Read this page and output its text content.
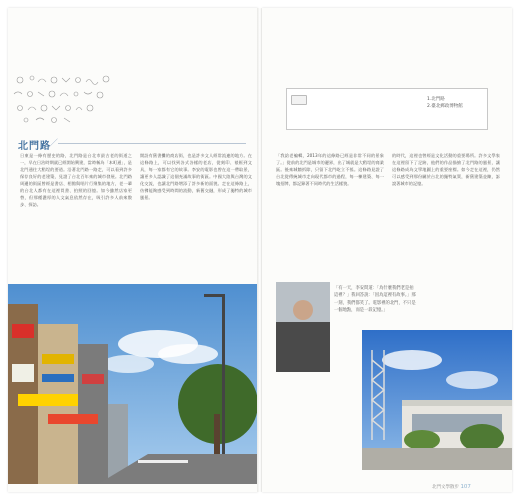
北門路
／

日東是一條有歷史的路，北門路是台北市最古老的街道之一，早在日治時期就已經開始興建，當時稱為「本町通」，是北門通往大稻埕的要道。沿著北門路一路走，可以看到許多保存良好的老建築，見證了台北百年來的城市發展。北門路周邊的街區曾經是書店、相館與唱片行聚集的地方，老一輩的台北人都有在這裡買書、拍照的回憶。如今雖然店家更替，但那種濃厚的人文氣息依然存在，吸引許多人前來散步、探訪。

開設有舊書攤的商店街，也是許多文人經常流連的地方。在這條路上，可以找到各式各樣的老店，從刻印、裱框到文具，每一家都有它的故事。李安的電影也曾在這一帶取景，讓更多人認識了這個充滿故事的街區。中國大陸與台灣的文化交流，也讓北門路增添了許多新的面貌。走在這條路上，彷彿能夠感受到時間的流動，新舊交融，形成了獨特的城市風景。

1.北門路
2.臺北郵政博物館

「我給老編輯，2013年的這條路已經是非常不同的景象了。」從前的北門是城市的邊界，出了城就是大稻埕的商業區。後來城牆拆除，只留下北門屹立不搖。這條路見證了台北從傳統城市走向現代都市的過程，每一棟建築、每一塊招牌，都記錄著不同時代的生活樣貌。

的時代，這裡也曾經是文化活動的重要場所。許多文學家在這裡留下了足跡，他們的作品描繪了北門路的風景，讓這條路成為文學地圖上的重要座標。如今走在這裡，仍然可以感受到那份屬於台北的獨特氣質，新舊建築並陳，訴說著城市的記憶。

「有一天，李安問道：「為什麼我們老是拍這裡？」我回答說：「因為這裡有故事。」那一刻，我們都笑了。電影裡的北門，不只是一個地點，而是一段記憶。」

北門文學散步 107
